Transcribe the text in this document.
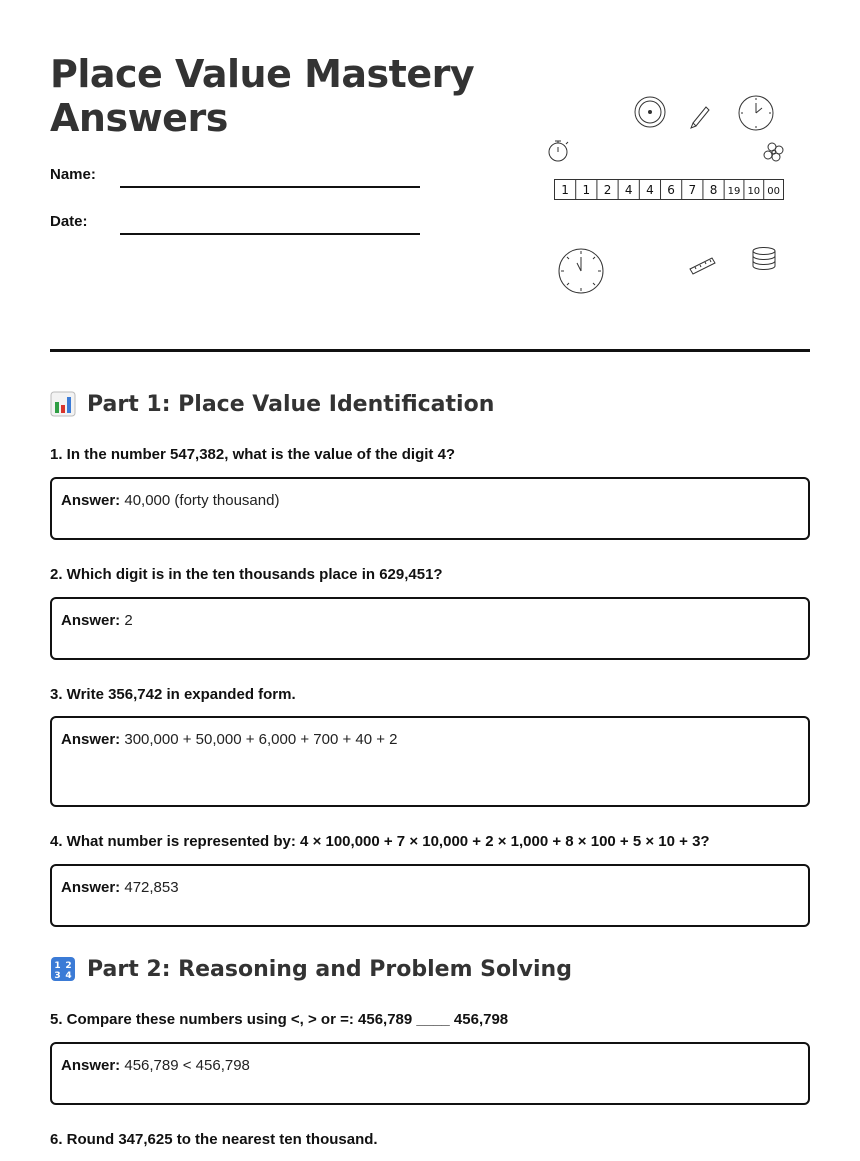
Place Value Mastery
Answers
Name:
Date:
1 1 2 4 4 6 7 8 19 10 00
Part 1: Place Value Identification
1. In the number 547,382, what is the value of the digit 4?
Answer: 40,000 (forty thousand)
2. Which digit is in the ten thousands place in 629,451?
Answer: 2
3. Write 356,742 in expanded form.
Answer: 300,000 + 50,000 + 6,000 + 700 + 40 + 2
4. What number is represented by: 4 × 100,000 + 7 × 10,000 + 2 × 1,000 + 8 × 100 + 5 × 10 + 3?
Answer: 472,853
1 2
3 4 Part 2: Reasoning and Problem Solving
5. Compare these numbers using <, > or =: 456,789 ____ 456,798
Answer: 456,789 < 456,798
6. Round 347,625 to the nearest ten thousand.
